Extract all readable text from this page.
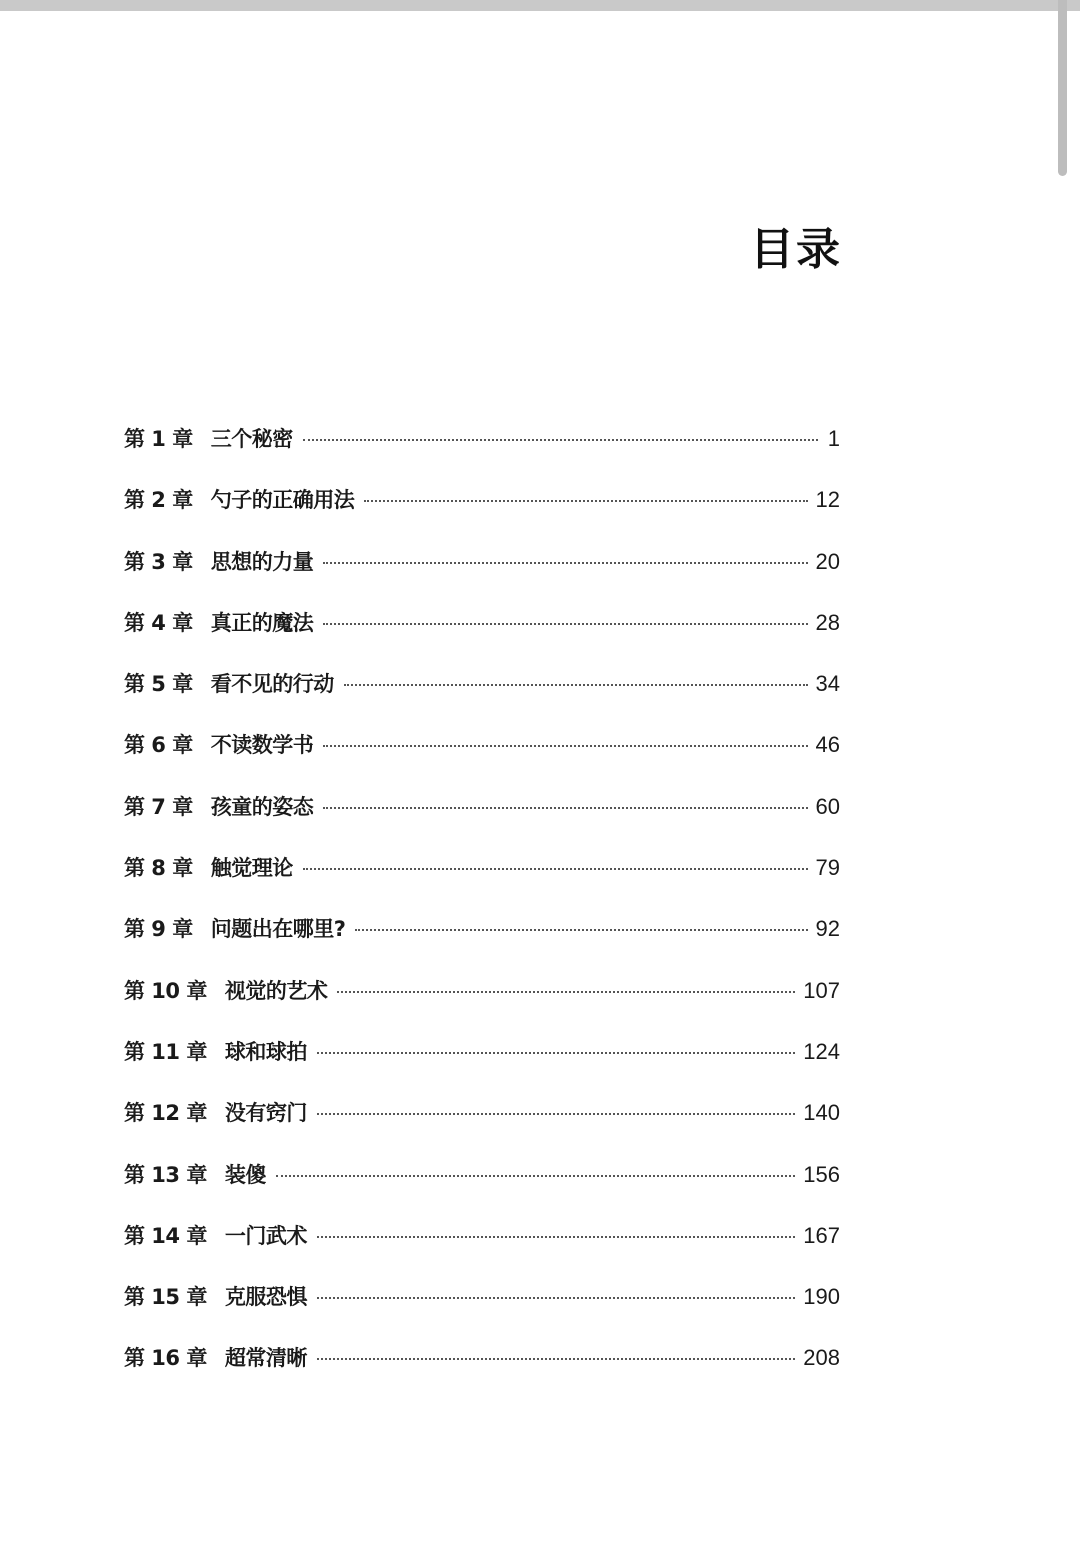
目录
第 1 章 三个秘密	1
第 2 章 勺子的正确用法	12
第 3 章 思想的力量	20
第 4 章 真正的魔法	28
第 5 章 看不见的行动	34
第 6 章 不读数学书	46
第 7 章 孩童的姿态	60
第 8 章 触觉理论	79
第 9 章 问题出在哪里?	92
第 10 章 视觉的艺术	107
第 11 章 球和球拍	124
第 12 章 没有窍门	140
第 13 章 装傻	156
第 14 章 一门武术	167
第 15 章 克服恐惧	190
第 16 章 超常清晰	208
